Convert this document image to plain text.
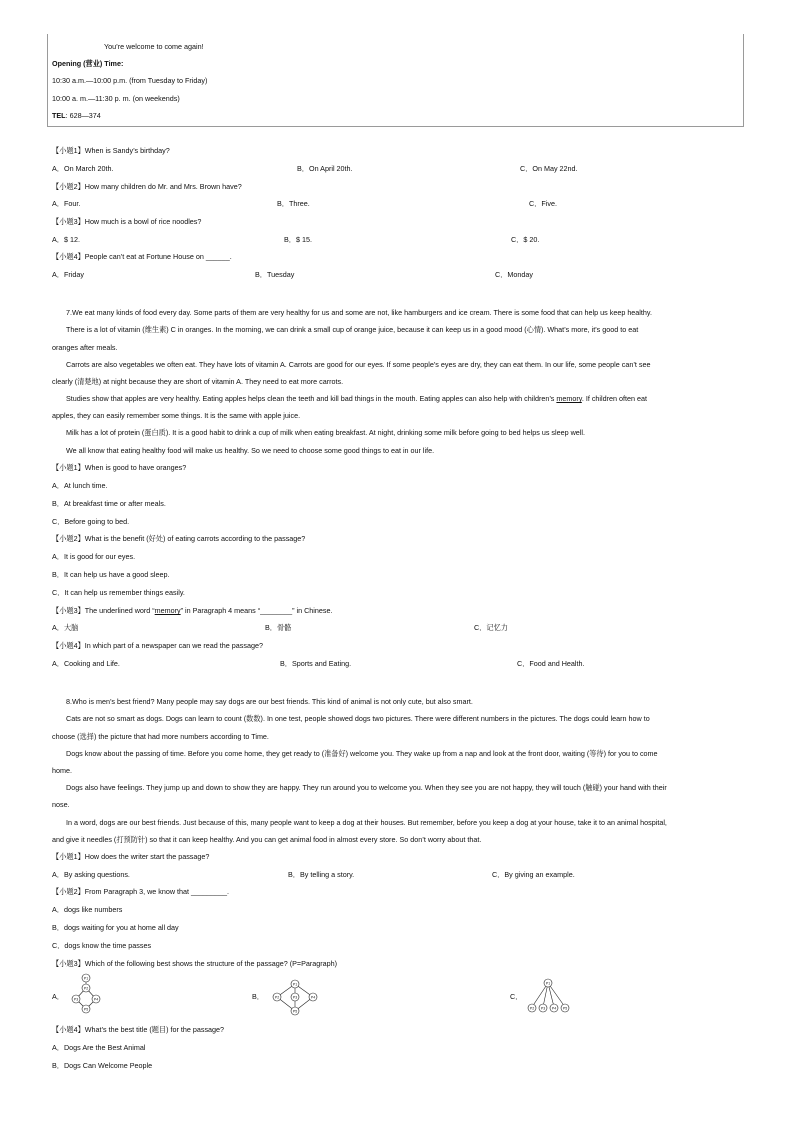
You’re welcome to come again!
Opening (营业) Time:
10:30 a.m.—10:00 p.m. (from Tuesday to Friday)
10:00 a. m.—11:30 p. m. (on weekends)
TEL: 628—374
【小题1】When is Sandy’s birthday?
A．On March 20th.	B．On April 20th.	C．On May 22nd.
【小题2】How many children do Mr. and Mrs. Brown have?
A．Four.	B．Three.	C．Five.
【小题3】How much is a bowl of rice noodles?
A．$ 12.	B．$ 15.	C．$ 20.
【小题4】People can’t eat at Fortune House on ______.
A．Friday	B．Tuesday	C．Monday
7.We eat many kinds of food every day. Some parts of them are very healthy for us and some are not, like hamburgers and ice cream. There is some food that can help us keep healthy.
There is a lot of vitamin (维生素) C in oranges. In the morning, we can drink a small cup of orange juice, because it can keep us in a good mood (心情). What’s more, it’s good to eat
oranges after meals.
Carrots are also vegetables we often eat. They have lots of vitamin A. Carrots are good for our eyes. If some people’s eyes are dry, they can eat them. In our life, some people can’t see
clearly (清楚地) at night because they are short of vitamin A. They need to eat more carrots.
Studies show that apples are very healthy. Eating apples helps clean the teeth and kill bad things in the mouth. Eating apples can also help with children’s memory. If children often eat
apples, they can easily remember some things. It is the same with apple juice.
Milk has a lot of protein (蛋白质). It is a good habit to drink a cup of milk when eating breakfast. At night, drinking some milk before going to bed helps us sleep well.
We all know that eating healthy food will make us healthy. So we need to choose some good things to eat in our life.
【小题1】When is good to have oranges?
A．At lunch time.
B．At breakfast time or after meals.
C．Before going to bed.
【小题2】What is the benefit (好处) of eating carrots according to the passage?
A．It is good for our eyes.
B．It can help us have a good sleep.
C．It can help us remember things easily.
【小题3】The underlined word “memory” in Paragraph 4 means “________” in Chinese.
A．大脑	B．骨骼	C．记忆力
【小题4】In which part of a newspaper can we read the passage?
A．Cooking and Life.	B．Sports and Eating.	C．Food and Health.
8.Who is men’s best friend? Many people may say dogs are our best friends. This kind of animal is not only cute, but also smart.
Cats are not so smart as dogs. Dogs can learn to count (数数). In one test, people showed dogs two pictures. There were different numbers in the pictures. The dogs could learn how to
choose (选择) the picture that had more numbers according to Time.
Dogs know about the passing of time. Before you come home, they get ready to (准备好) welcome you. They wake up from a nap and look at the front door, waiting (等待) for you to come
home.
Dogs also have feelings. They jump up and down to show they are happy. They run around you to welcome you. When they see you are not happy, they will touch (触碰) your hand with their
nose.
In a word, dogs are our best friends. Just because of this, many people want to keep a dog at their houses. But remember, before you keep a dog at your house, take it to an animal hospital,
and give it needles (打预防针) so that it can keep healthy. And you can get animal food in almost every store. So don’t worry about that.
【小题1】How does the writer start the passage?
A．By asking questions.	B．By telling a story.	C．By giving an example.
【小题2】From Paragraph 3, we know that _________.
A．dogs like numbers
B．dogs waiting for you at home all day
C．dogs know the time passes
【小题3】Which of the following best shows the structure of the passage? (P=Paragraph)
A．	B．	C．
P1
P2
P3	P4
P5
P1
P2	P3	P4
P5
P1
P2 P3 P4 P5
【小题4】What’s the best title (题目) for the passage?
A．Dogs Are the Best Animal
B．Dogs Can Welcome People
